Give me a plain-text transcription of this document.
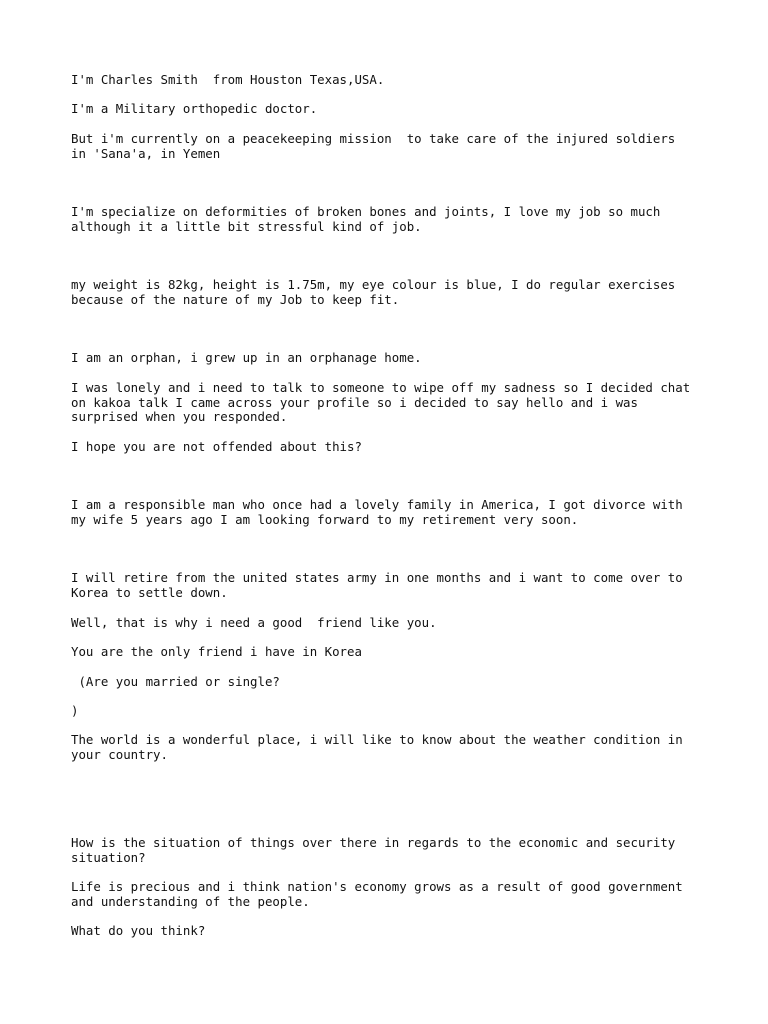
I'm Charles Smith  from Houston Texas,USA.

I'm a Military orthopedic doctor.

But i'm currently on a peacekeeping mission  to take care of the injured soldiers

in 'Sana'a, in Yemen

I'm specialize on deformities of broken bones and joints, I love my job so much

although it a little bit stressful kind of job.

my weight is 82kg, height is 1.75m, my eye colour is blue, I do regular exercises

because of the nature of my Job to keep fit.

I am an orphan, i grew up in an orphanage home.

I was lonely and i need to talk to someone to wipe off my sadness so I decided chat

on kakoa talk I came across your profile so i decided to say hello and i was

surprised when you responded.

I hope you are not offended about this?

I am a responsible man who once had a lovely family in America, I got divorce with

my wife 5 years ago I am looking forward to my retirement very soon.

I will retire from the united states army in one months and i want to come over to

Korea to settle down.

Well, that is why i need a good  friend like you.

You are the only friend i have in Korea

(Are you married or single?

)

The world is a wonderful place, i will like to know about the weather condition in

your country.

How is the situation of things over there in regards to the economic and security

situation?

Life is precious and i think nation's economy grows as a result of good government

and understanding of the people.

What do you think?
